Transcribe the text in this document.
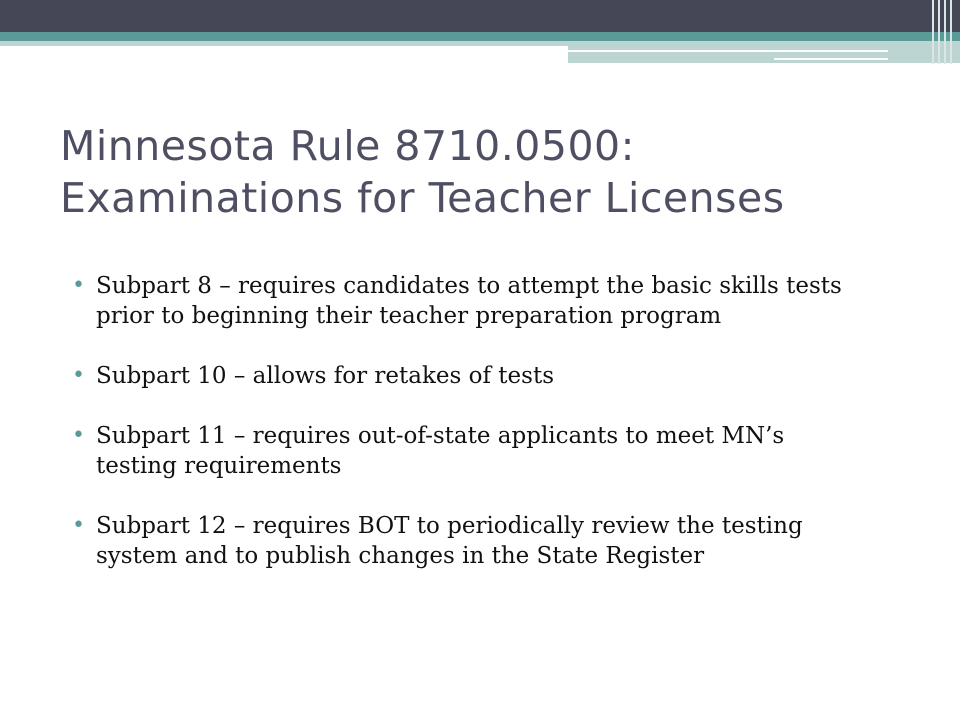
Minnesota Rule 8710.0500:
Examinations for Teacher Licenses
• Subpart 8 – requires candidates to attempt the basic skills tests prior to beginning their teacher preparation program
• Subpart 10 – allows for retakes of tests
• Subpart 11 – requires out-of-state applicants to meet MN’s testing requirements
• Subpart 12 – requires BOT to periodically review the testing system and to publish changes in the State Register
